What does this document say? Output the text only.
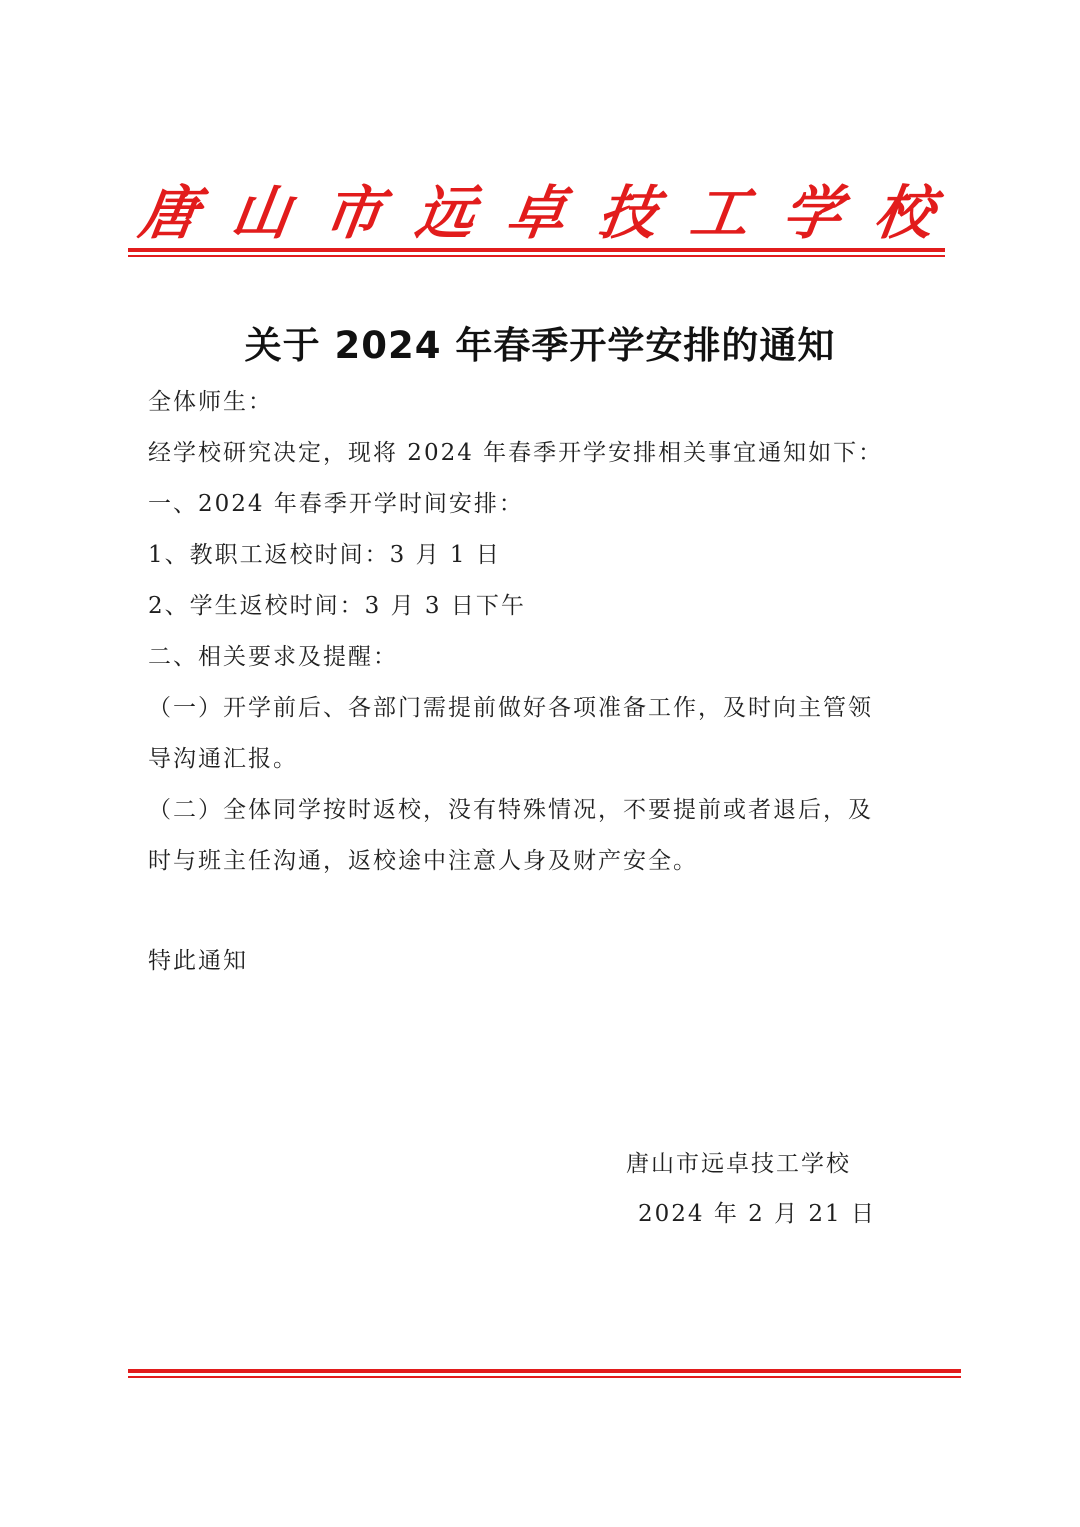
唐 山 市 远 卓 技 工 学 校
关于 2024 年春季开学安排的通知
全体师生：
经学校研究决定，现将 2024 年春季开学安排相关事宜通知如下：
一、2024 年春季开学时间安排：
1、教职工返校时间：3 月 1 日
2、学生返校时间：3 月 3 日下午
二、相关要求及提醒：
（一）开学前后、各部门需提前做好各项准备工作，及时向主管领
导沟通汇报。
（二）全体同学按时返校，没有特殊情况，不要提前或者退后，及
时与班主任沟通，返校途中注意人身及财产安全。
特此通知
唐山市远卓技工学校
2024 年 2 月 21 日
